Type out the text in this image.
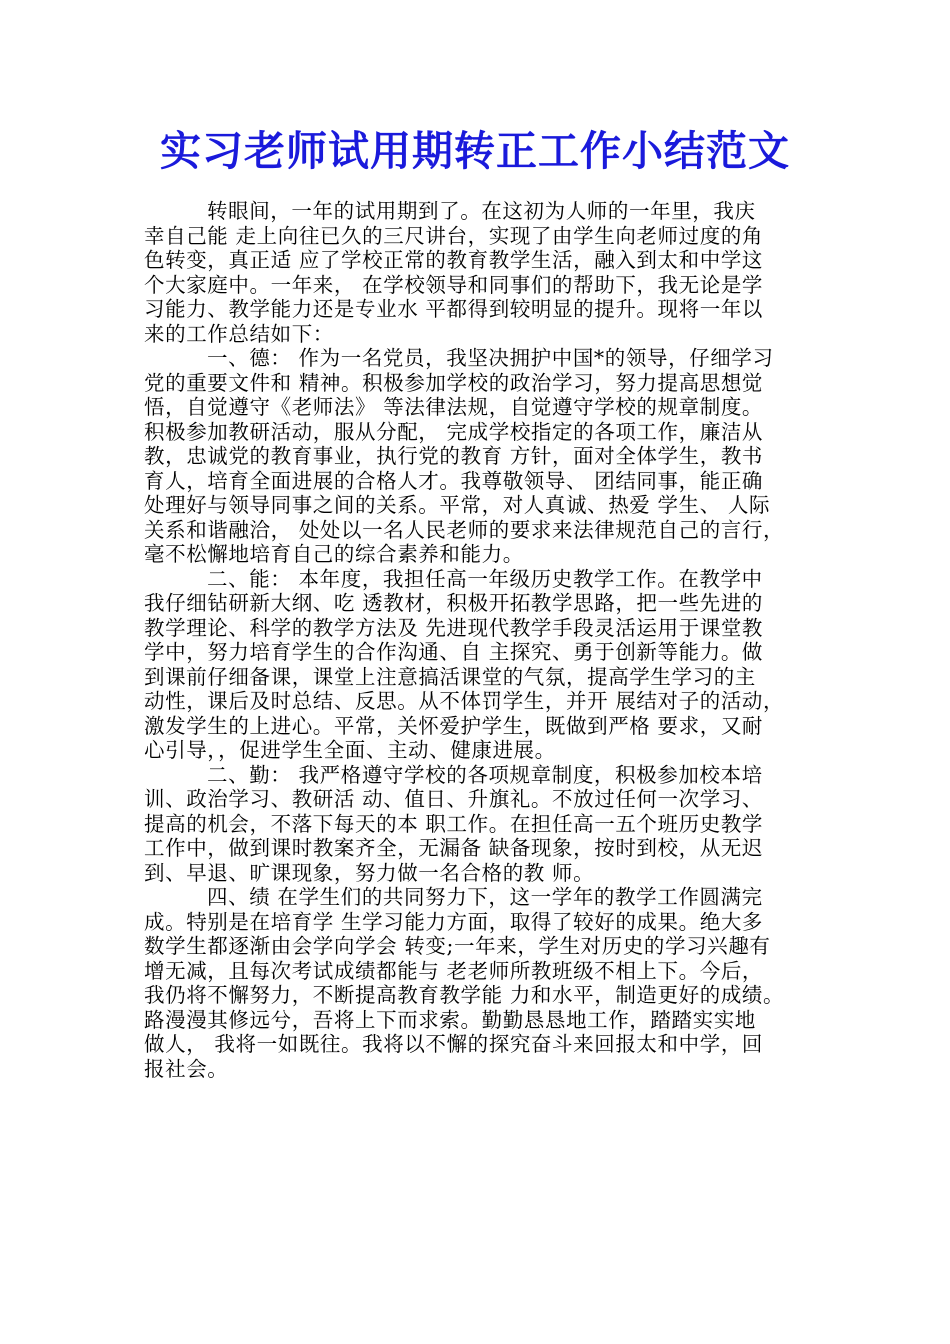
实习老师试用期转正工作小结范文
转眼间，一年的试用期到了。在这初为人师的一年里，我庆
幸自己能 走上向往已久的三尺讲台，实现了由学生向老师过度的角
色转变，真正适 应了学校正常的教育教学生活，融入到太和中学这
个大家庭中。一年来， 在学校领导和同事们的帮助下，我无论是学
习能力、教学能力还是专业水 平都得到较明显的提升。现将一年以
来的工作总结如下：
一、德： 作为一名党员，我坚决拥护中国*的领导，仔细学习
党的重要文件和 精神。积极参加学校的政治学习，努力提高思想觉
悟，自觉遵守《老师法》 等法律法规，自觉遵守学校的规章制度。
积极参加教研活动，服从分配， 完成学校指定的各项工作，廉洁从
教，忠诚党的教育事业，执行党的教育 方针，面对全体学生，教书
育人，培育全面进展的合格人才。我尊敬领导、 团结同事，能正确
处理好与领导同事之间的关系。平常，对人真诚、热爱 学生、 人际
关系和谐融洽， 处处以一名人民老师的要求来法律规范自己的言行，
毫不松懈地培育自己的综合素养和能力。
二、能： 本年度，我担任高一年级历史教学工作。在教学中
我仔细钻研新大纲、吃 透教材，积极开拓教学思路，把一些先进的
教学理论、科学的教学方法及 先进现代教学手段灵活运用于课堂教
学中，努力培育学生的合作沟通、自 主探究、勇于创新等能力。做
到课前仔细备课，课堂上注意搞活课堂的气氛，提高学生学习的主
动性，课后及时总结、反思。从不体罚学生，并开 展结对子的活动，
激发学生的上进心。平常，关怀爱护学生，既做到严格 要求，又耐
心引导，，促进学生全面、主动、健康进展。
二、勤： 我严格遵守学校的各项规章制度，积极参加校本培
训、政治学习、教研活 动、值日、升旗礼。不放过任何一次学习、
提高的机会，不落下每天的本 职工作。在担任高一五个班历史教学
工作中，做到课时教案齐全，无漏备 缺备现象，按时到校，从无迟
到、早退、旷课现象，努力做一名合格的教 师。
四、绩 在学生们的共同努力下，这一学年的教学工作圆满完
成。特别是在培育学 生学习能力方面，取得了较好的成果。绝大多
数学生都逐渐由会学向学会 转变;一年来，学生对历史的学习兴趣有
增无减，且每次考试成绩都能与 老老师所教班级不相上下。今后，
我仍将不懈努力，不断提高教育教学能 力和水平，制造更好的成绩。
路漫漫其修远兮，吾将上下而求索。勤勤恳恳地工作，踏踏实实地
做人， 我将一如既往。我将以不懈的探究奋斗来回报太和中学，回
报社会。
